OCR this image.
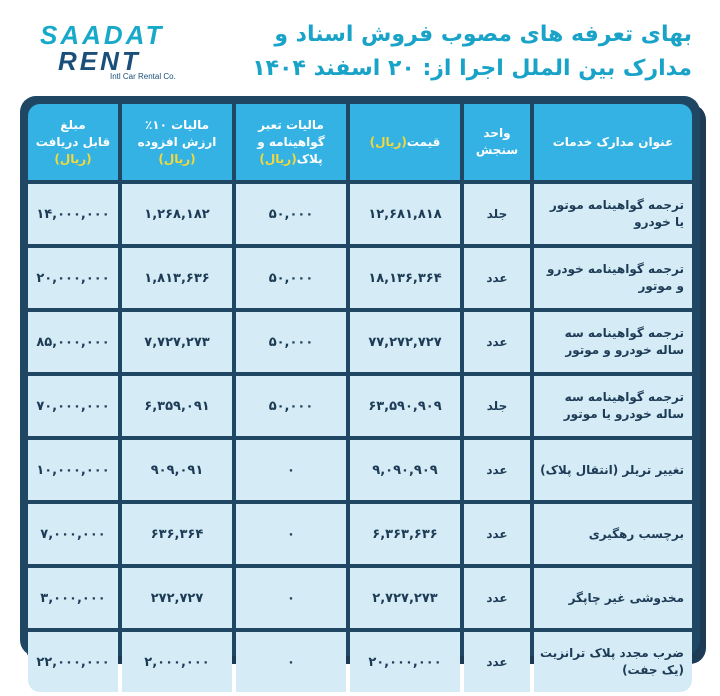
SAADAT
RENT
Intl Car Rental Co.
بهای تعرفه های مصوب فروش اسناد و
مدارک بین الملل اجرا از: ۲۰ اسفند ۱۴۰۴
عنوان مدارک خدمات	واحد
سنجش	قیمت(ریال)	مالیات تعبر
گواهینامه و
پلاک(ریال)	مالیات ۱۰٪
ارزش افزوده
(ریال)	مبلغ
قابل دریافت
(ریال)

ترجمه گواهینامه موتور یا خودرو	جلد	۱۲,۶۸۱,۸۱۸	۵۰,۰۰۰	۱,۲۶۸,۱۸۲	۱۴,۰۰۰,۰۰۰
ترجمه گواهینامه خودرو و موتور	عدد	۱۸,۱۳۶,۳۶۴	۵۰,۰۰۰	۱,۸۱۳,۶۳۶	۲۰,۰۰۰,۰۰۰
ترجمه گواهینامه سه ساله خودرو و موتور	عدد	۷۷,۲۷۲,۷۲۷	۵۰,۰۰۰	۷,۷۲۷,۲۷۳	۸۵,۰۰۰,۰۰۰
ترجمه گواهینامه سه ساله خودرو یا موتور	جلد	۶۳,۵۹۰,۹۰۹	۵۰,۰۰۰	۶,۳۵۹,۰۹۱	۷۰,۰۰۰,۰۰۰
تغییر تریلر (انتقال پلاک)	عدد	۹,۰۹۰,۹۰۹	۰	۹۰۹,۰۹۱	۱۰,۰۰۰,۰۰۰
برچسب رهگیری	عدد	۶,۳۶۳,۶۳۶	۰	۶۳۶,۳۶۴	۷,۰۰۰,۰۰۰
مخدوشی غیر چاپگر	عدد	۲,۷۲۷,۲۷۳	۰	۲۷۲,۷۲۷	۳,۰۰۰,۰۰۰
ضرب مجدد پلاک ترانزیت (یک جفت)	عدد	۲۰,۰۰۰,۰۰۰	۰	۲,۰۰۰,۰۰۰	۲۲,۰۰۰,۰۰۰
